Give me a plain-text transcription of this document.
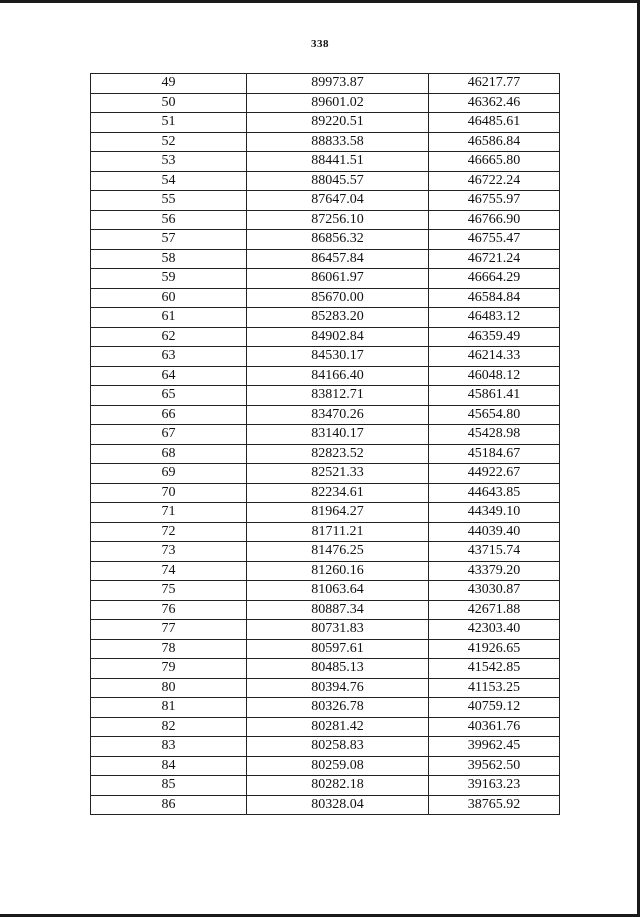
338
49	89973.87	46217.77
50	89601.02	46362.46
51	89220.51	46485.61
52	88833.58	46586.84
53	88441.51	46665.80
54	88045.57	46722.24
55	87647.04	46755.97
56	87256.10	46766.90
57	86856.32	46755.47
58	86457.84	46721.24
59	86061.97	46664.29
60	85670.00	46584.84
61	85283.20	46483.12
62	84902.84	46359.49
63	84530.17	46214.33
64	84166.40	46048.12
65	83812.71	45861.41
66	83470.26	45654.80
67	83140.17	45428.98
68	82823.52	45184.67
69	82521.33	44922.67
70	82234.61	44643.85
71	81964.27	44349.10
72	81711.21	44039.40
73	81476.25	43715.74
74	81260.16	43379.20
75	81063.64	43030.87
76	80887.34	42671.88
77	80731.83	42303.40
78	80597.61	41926.65
79	80485.13	41542.85
80	80394.76	41153.25
81	80326.78	40759.12
82	80281.42	40361.76
83	80258.83	39962.45
84	80259.08	39562.50
85	80282.18	39163.23
86	80328.04	38765.92
